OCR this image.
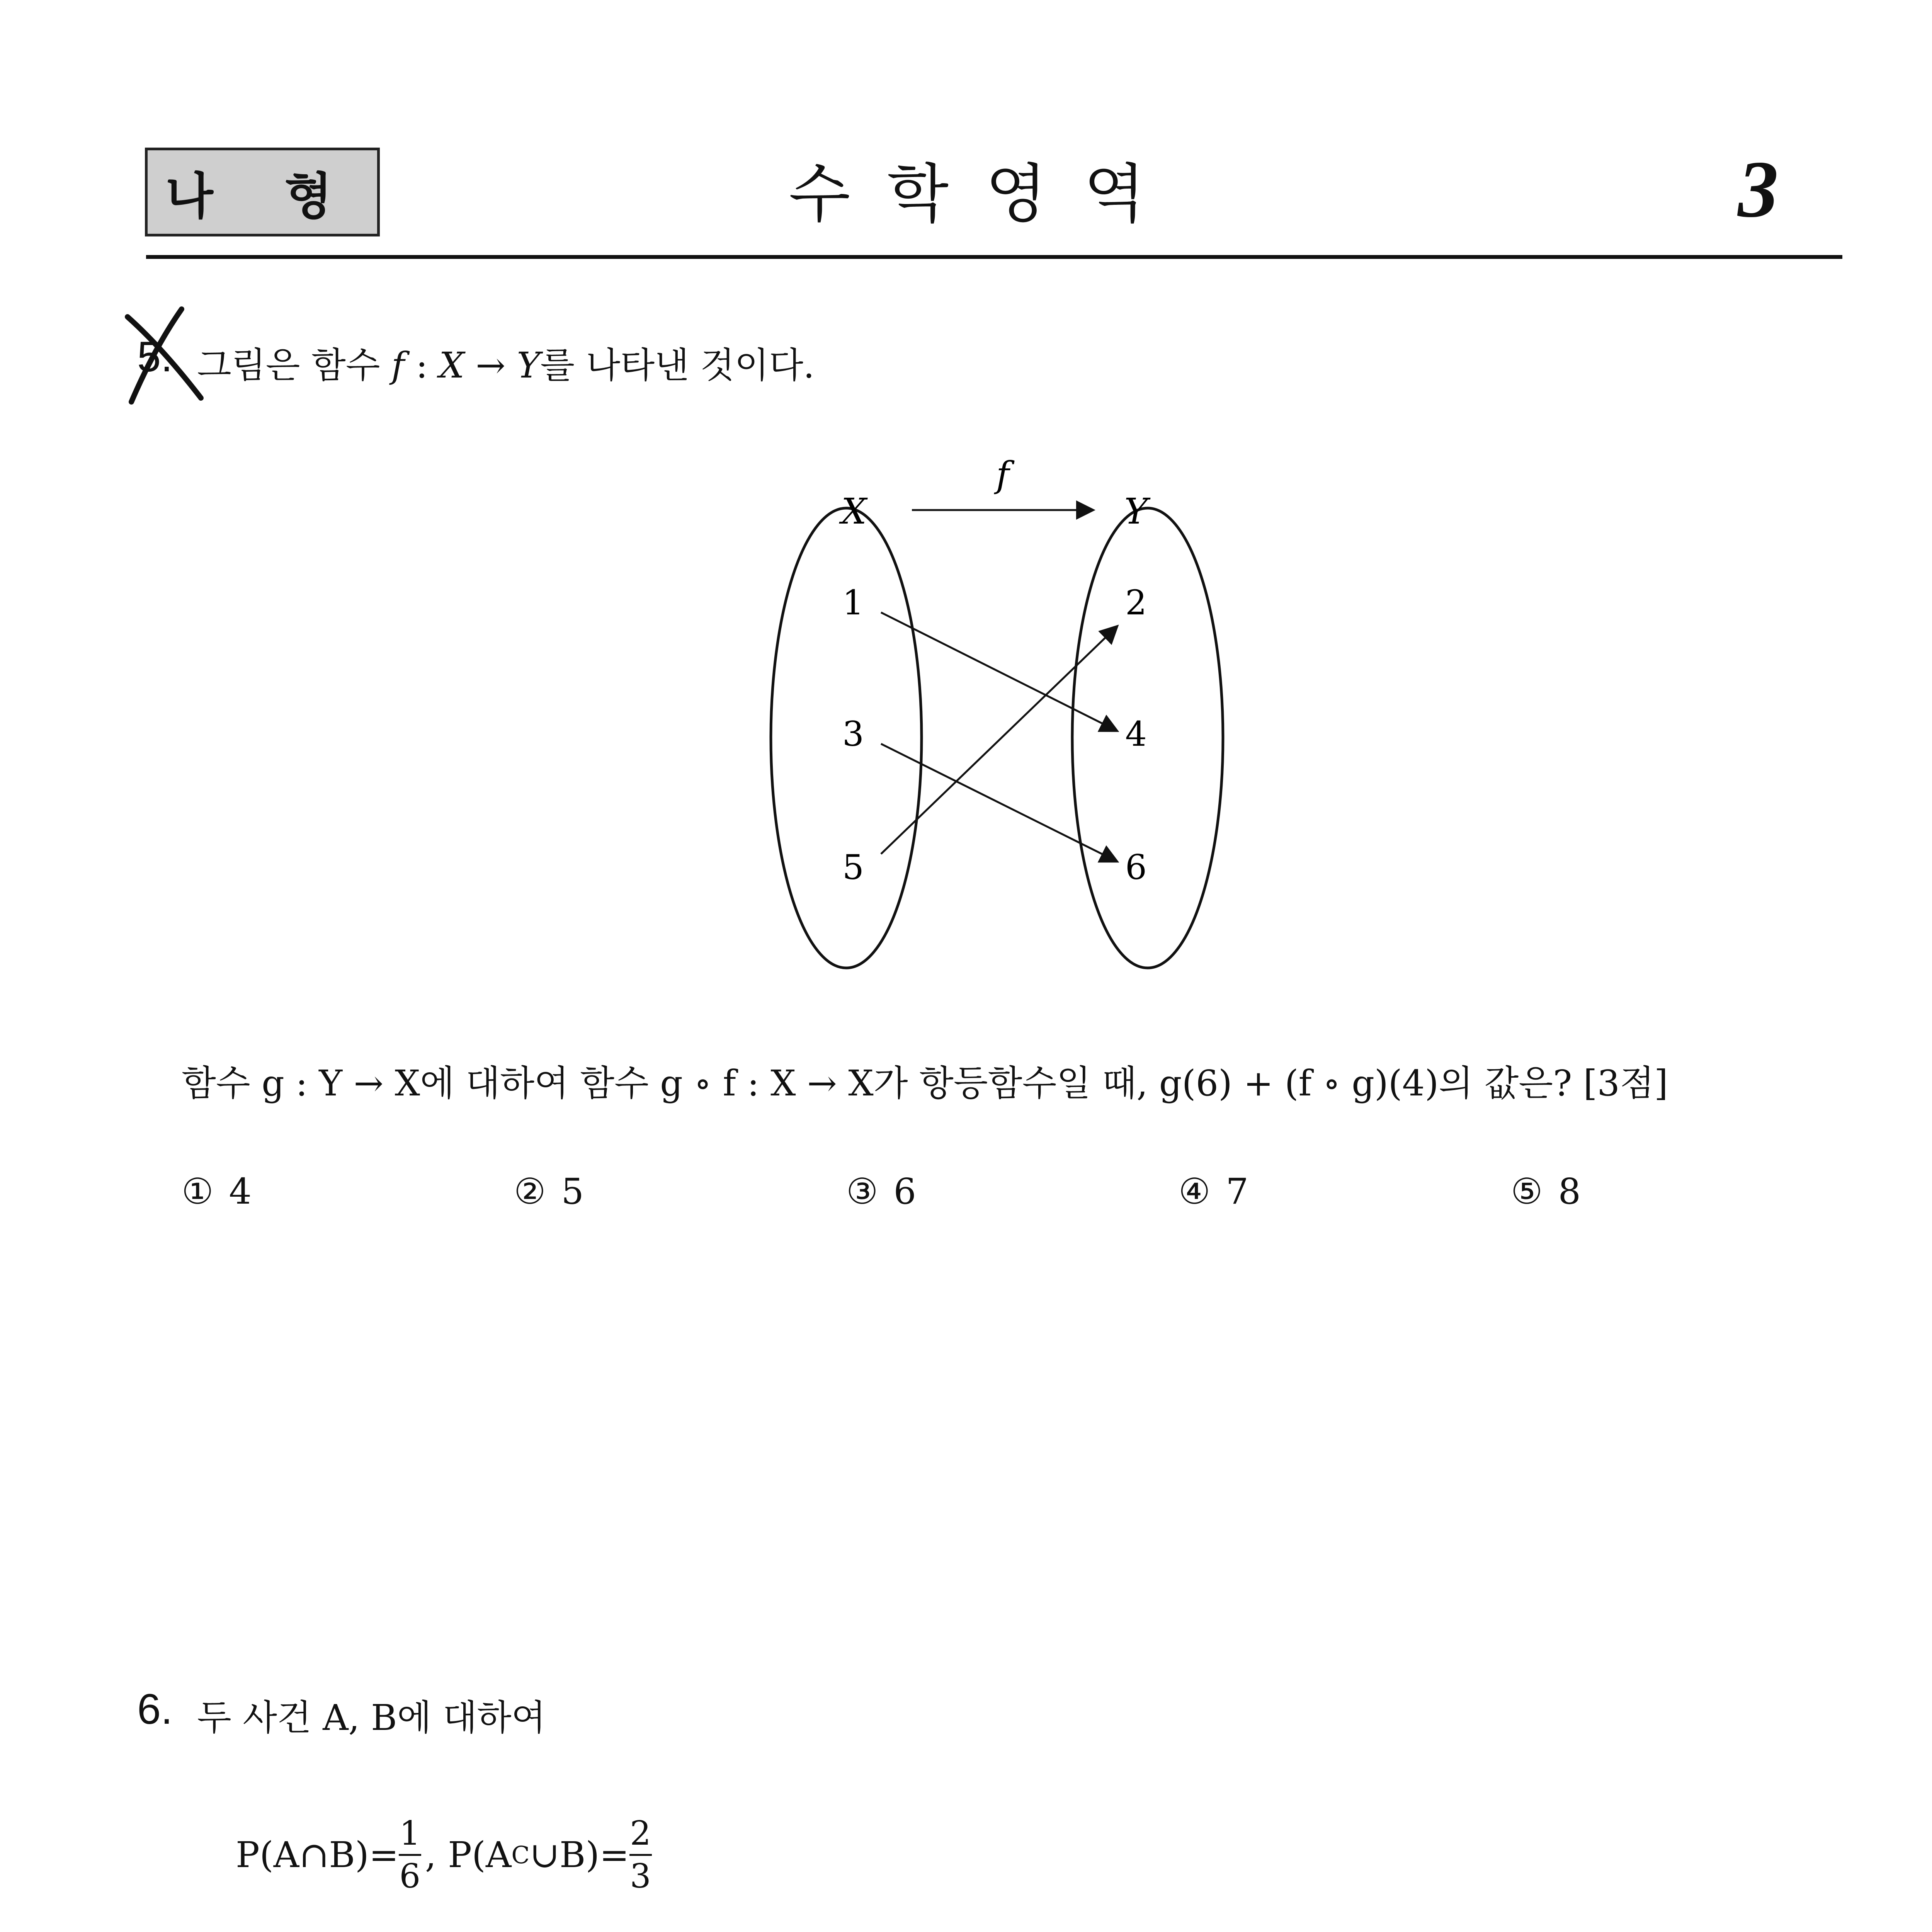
나 형	수학영역	3
5. 그림은 함수 f : X → Y를 나타낸 것이다.
f
X	Y
1
3
5
2
4
6
함수 g : Y → X에 대하여 함수 g ∘ f : X → X가 항등함수일 때, g(6) + (f ∘ g)(4)의 값은? [3점]
① 4	② 5	③ 6	④ 7	⑤ 8
6. 두 사건 A, B에 대하여
P(A∩B)=
1
6
, P(A C ∪B)=
2
3
